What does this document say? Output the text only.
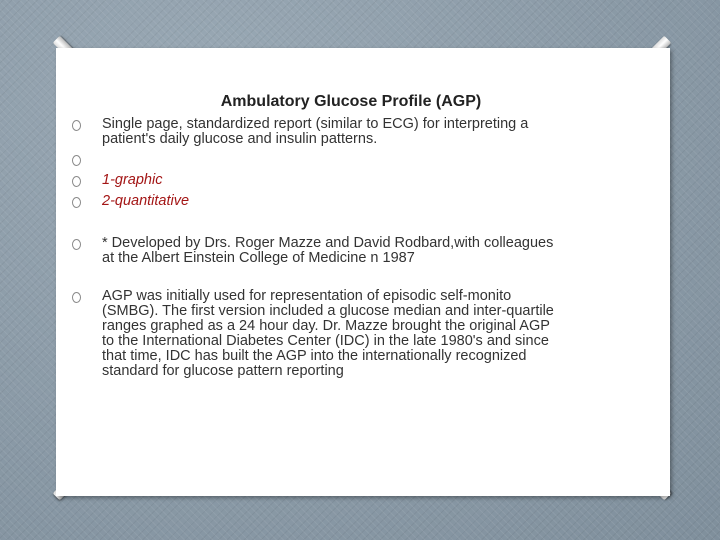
Ambulatory Glucose Profile (AGP)
Single page, standardized report (similar to ECG) for interpreting a patient's daily glucose and insulin patterns.
1-graphic
2-quantitative
* Developed by Drs. Roger Mazze and David Rodbard,with colleagues at the Albert Einstein College of Medicine n 1987
AGP was initially used for representation of episodic self-monito (SMBG). The first version included a glucose median and inter-quartile ranges graphed as a 24 hour day. Dr. Mazze brought the original AGP to the International Diabetes Center (IDC) in the late 1980's and since that time, IDC has built the AGP into the internationally recognized standard for glucose pattern reporting
